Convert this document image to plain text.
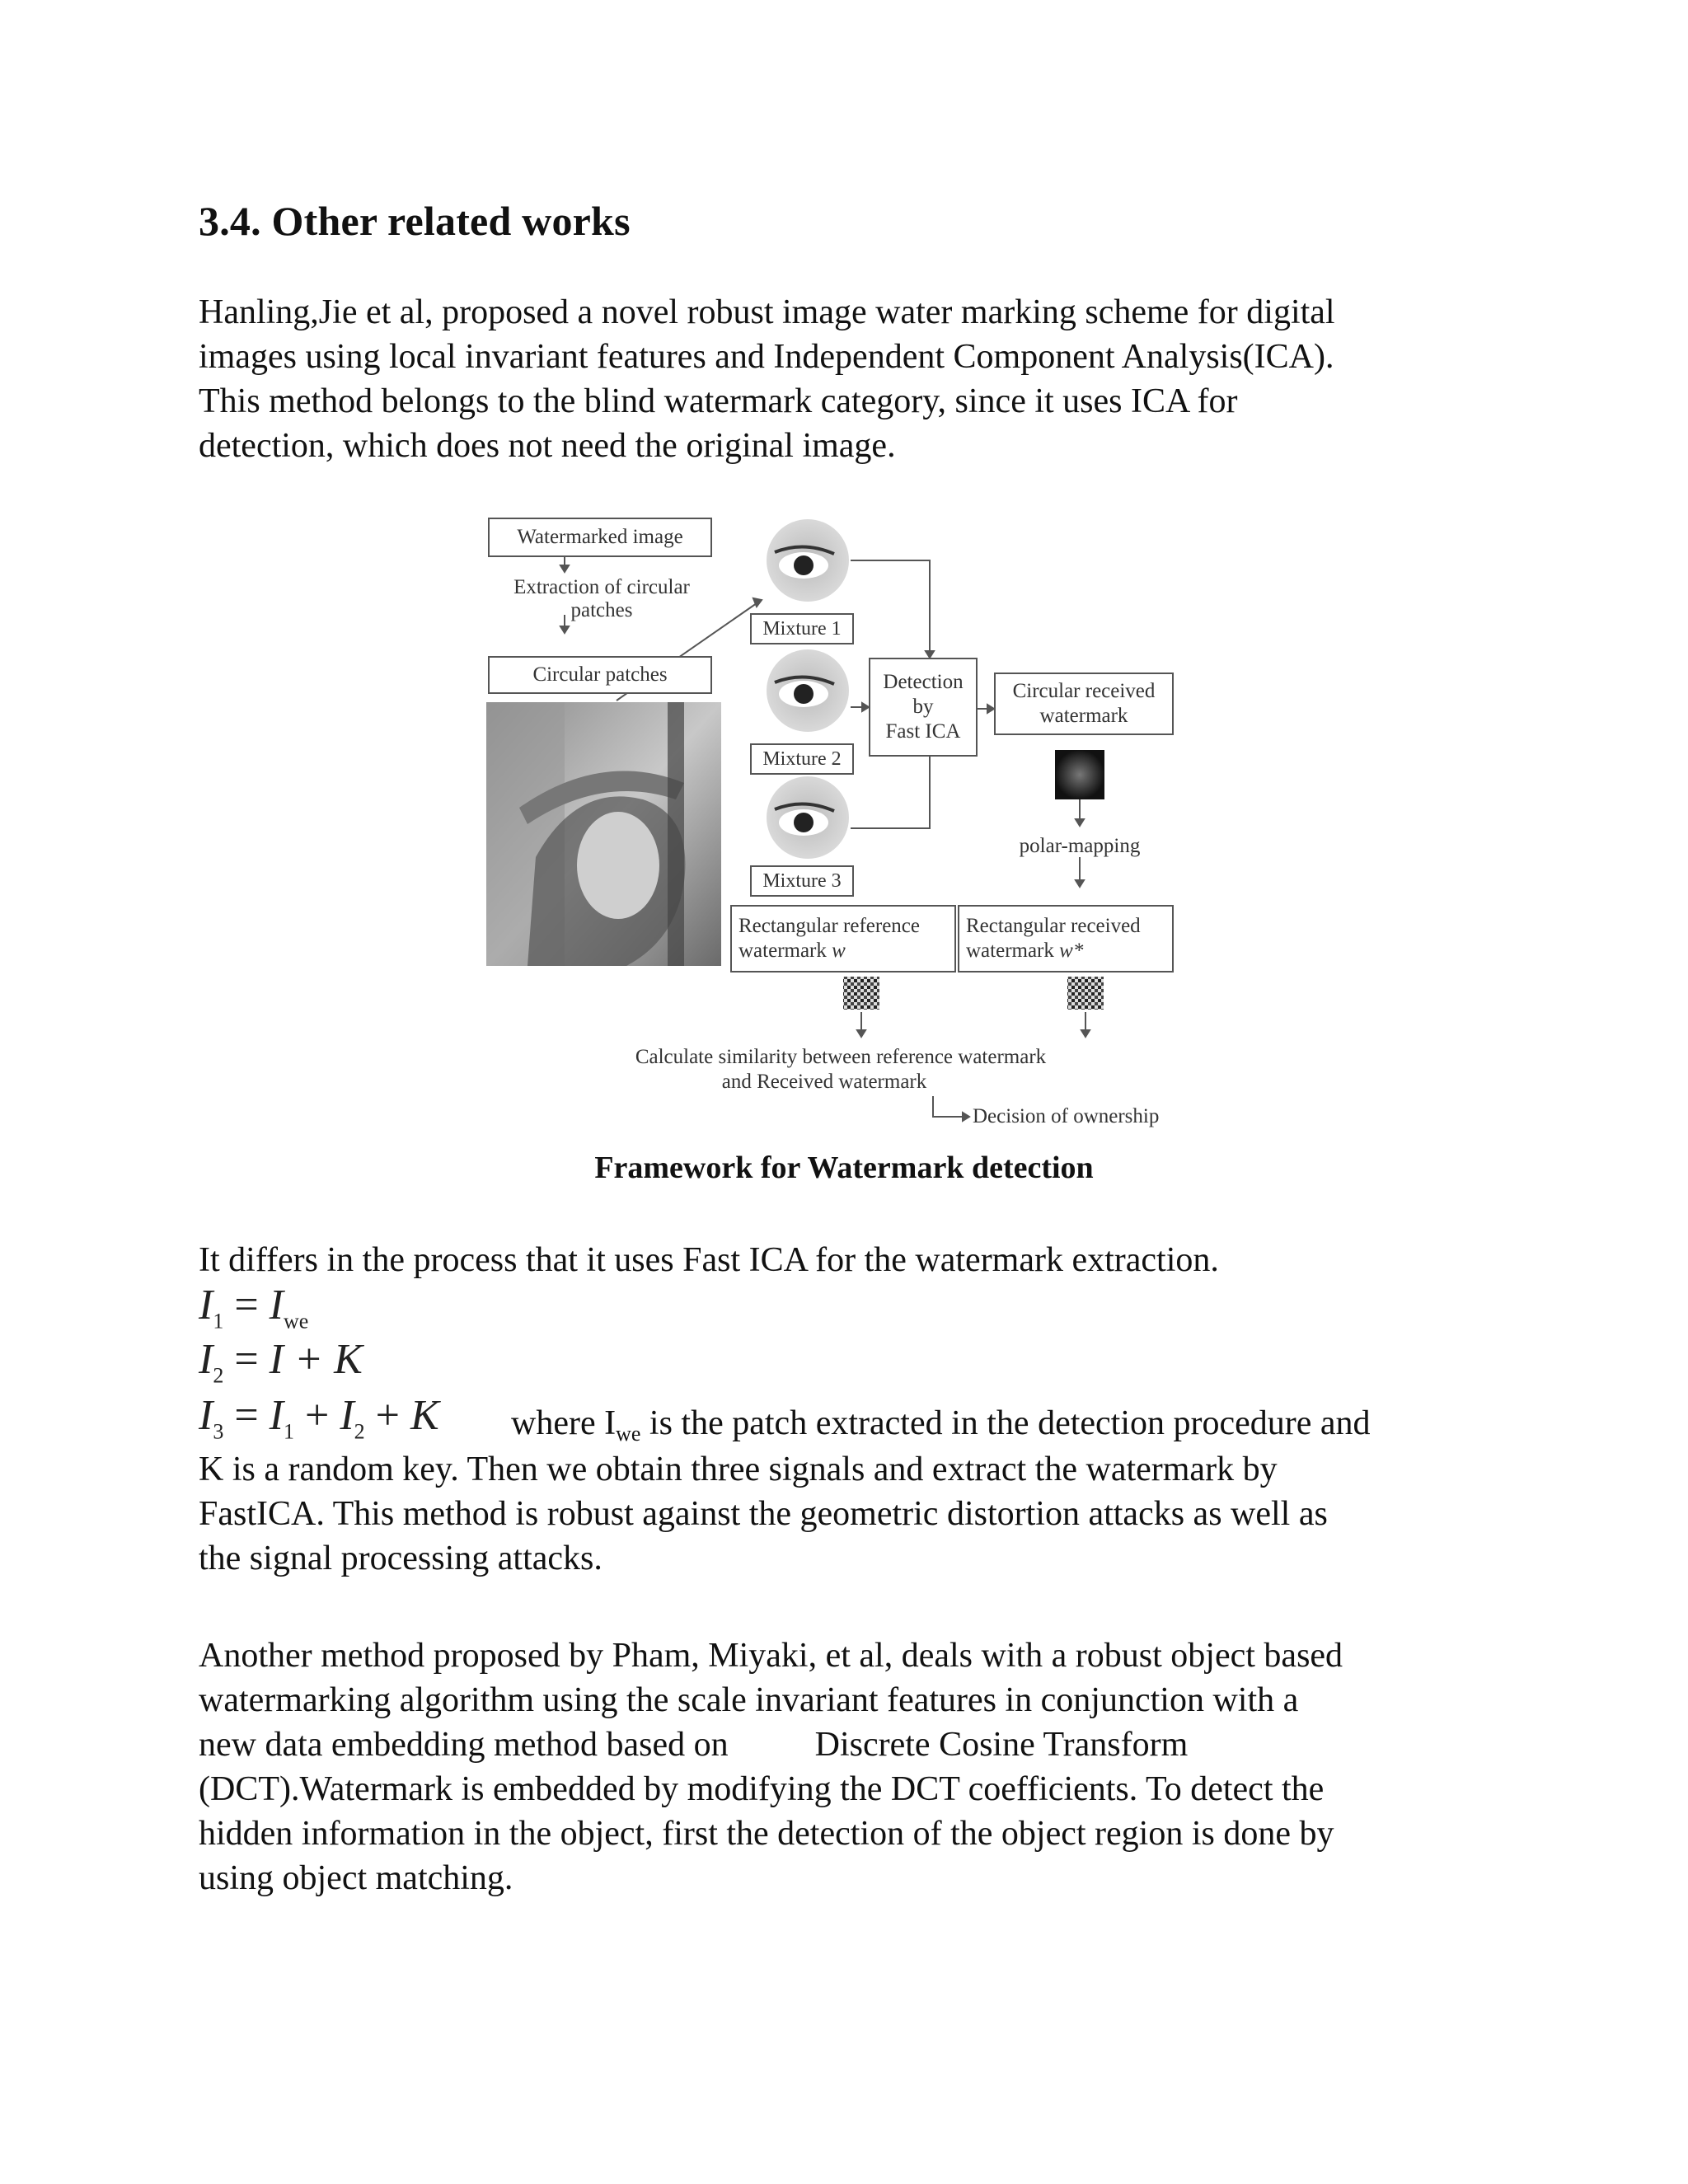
3.4. Other related works

Hanling,Jie et al, proposed a novel robust image water marking scheme for digital
images using local invariant features and Independent Component Analysis(ICA).
This method belongs to the blind watermark category, since it uses ICA for
detection, which does not need the original image.

Watermarked image
Extraction of circular
patches
Circular patches
Mixture 1
Mixture 2
Mixture 3
Detection
by
Fast ICA
Circular received
watermark
polar-mapping
Rectangular reference
watermark w
Rectangular received
watermark w*
Calculate similarity between reference watermark
and Received watermark
Decision of ownership

Framework for Watermark detection

It differs in the process that it uses Fast ICA for the watermark extraction.

$I_1 = I_{we}$
$I_2 = I + K$
$I_3 = I_1 + I_2 + K$ where Iwe is the patch extracted in the detection procedure and

K is a random key. Then we obtain three signals and extract the watermark by
FastICA. This method is robust against the geometric distortion attacks as well as
the signal processing attacks.

Another method proposed by Pham, Miyaki, et al, deals with a robust object based
watermarking algorithm using the scale invariant features in conjunction with a
new data embedding method based on          Discrete Cosine Transform
(DCT).Watermark is embedded by modifying the DCT coefficients. To detect the
hidden information in the object, first the detection of the object region is done by
using object matching.
